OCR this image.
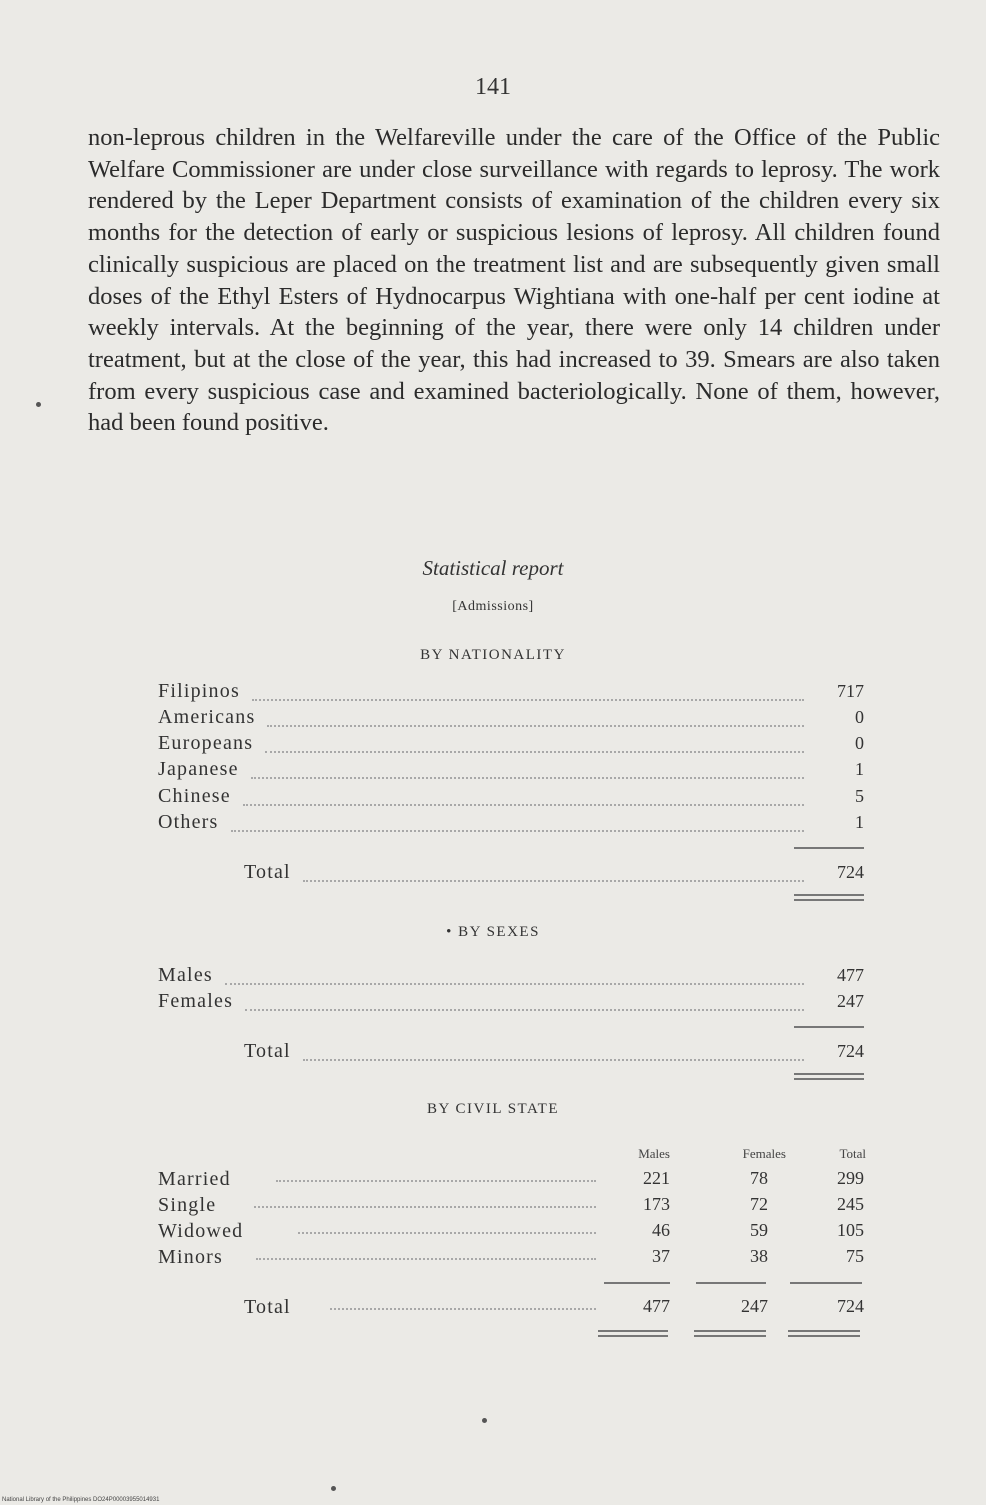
141

non-leprous children in the Welfareville under the care of the Office of the Public Welfare Commissioner are under close surveillance with regards to leprosy. The work rendered by the Leper Department consists of examination of the children every six months for the detection of early or suspicious lesions of leprosy. All children found clinically suspicious are placed on the treatment list and are subsequently given small doses of the Ethyl Esters of Hydnocarpus Wightiana with one-half per cent iodine at weekly intervals. At the beginning of the year, there were only 14 children under treatment, but at the close of the year, this had increased to 39. Smears are also taken from every suspicious case and examined bacteriologically. None of them, however, had been found positive.

Statistical report
[Admissions]
BY NATIONALITY
Filipinos	717
Americans	0
Europeans	0
Japanese	1
Chinese	5
Others	1
Total	724
• BY SEXES
Males	477
Females	247
Total	724
BY CIVIL STATE
Males	Females	Total
Married	221	78	299
Single	173	72	245
Widowed	46	59	105
Minors	37	38	75
Total	477	247	724
National Library of the Philippines DO24P00003955014931
